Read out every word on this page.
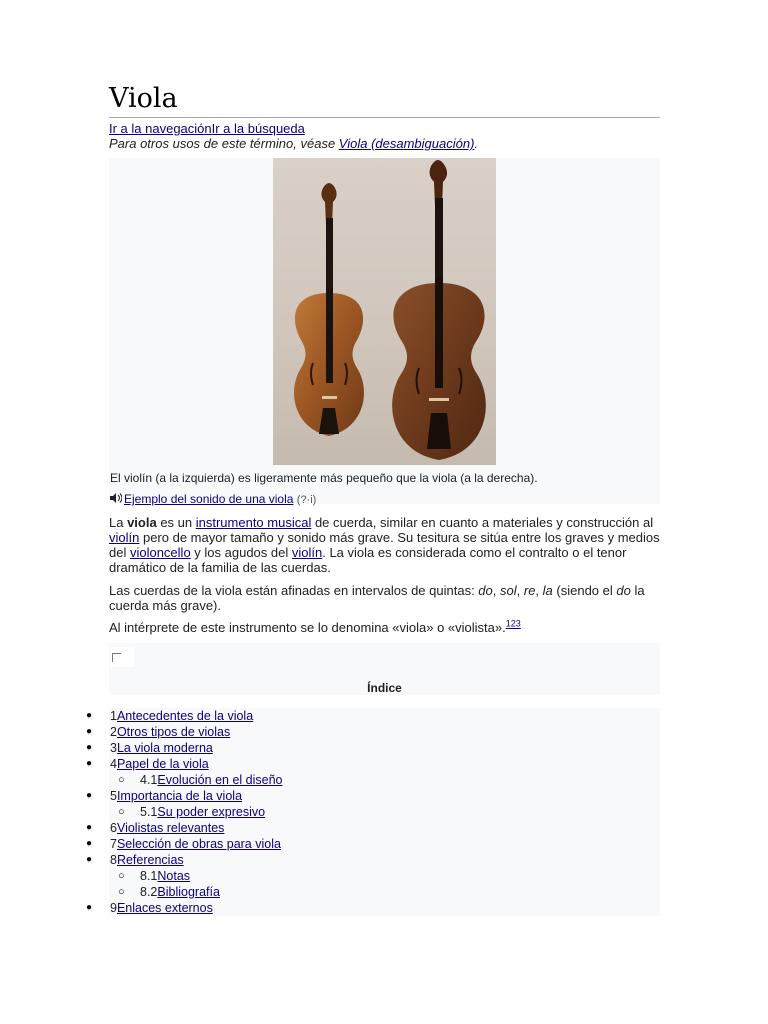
Viola
Ir a la navegaciónIr a la búsqueda
Para otros usos de este término, véase Viola (desambiguación).
El violín (a la izquierda) es ligeramente más pequeño que la viola (a la derecha).
Ejemplo del sonido de una viola (?·i)

La viola es un instrumento musical de cuerda, similar en cuanto a materiales y construcción al violín pero de mayor tamaño y sonido más grave. Su tesitura se sitúa entre los graves y medios del violoncello y los agudos del violín. La viola es considerada como el contralto o el tenor dramático de la familia de las cuerdas.

Las cuerdas de la viola están afinadas en intervalos de quintas: do, sol, re, la (siendo el do la cuerda más grave).

Al intérprete de este instrumento se lo denomina «viola» o «violista».$^{123}$

Índice
● 1Antecedentes de la viola
● 2Otros tipos de violas
● 3La viola moderna
● 4Papel de la viola
○ 4.1Evolución en el diseño
● 5Importancia de la viola
○ 5.1Su poder expresivo
● 6Violistas relevantes
● 7Selección de obras para viola
● 8Referencias
○ 8.1Notas
○ 8.2Bibliografía
● 9Enlaces externos
